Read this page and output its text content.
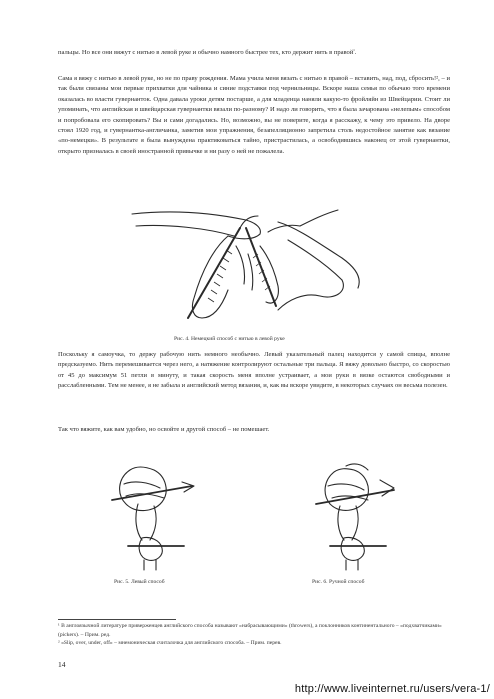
пальцы. Но все они вяжут с нитью в левой руке и обычно намного быстрее тех, кто держит нить в правой$^{^1}$.

Сама я вяжу с нитью в левой руке, но не по праву рождения. Мама учила меня вязать с нитью в правой – вставить, над, под, сбросить!², – и так были связаны мои первые прихватки для чайника и синие подставки под чернильницы. Вскоре наша семья по обычаю того времени оказалась во власти гувернанток. Одна давала уроки детям постарше, а для младенца наняли какую-то фройляйн из Швейцарии. Стоит ли упоминать, что английская и швейцарская гувернантки вязали по-разному? И надо ли говорить, что я была зачарована «нелепым» способом и попробовала его скопировать? Вы и сами догадались. Но, возможно, вы не поверите, когда я расскажу, к чему это привело. На дворе стоял 1920 год, и гувернантка-англичанка, заметив мои упражнения, безапелляционно запретила столь недостойное занятие как вязание «по-немецки». В результате я была вынуждена практиковаться тайно, пристрастилась, а освободившись наконец от этой гувернантки, открыто призналась в своей иностранной привычке и ни разу о ней не пожалела.

Рис. 4. Немецкий способ с нитью в левой руке

Поскольку я самоучка, то держу рабочую нить немного необычно. Левый указательный палец находится у самой спицы, вполне предсказуемо. Нить перемешивается через него, а натяжение контролируют остальные три пальца. Я вяжу довольно быстро, со скоростью от 45 до максимум 51 петли в минуту, и такая скорость меня вполне устраивает, а мои руки в вязке остаются свободными и расслабленными. Тем не менее, я не забыла и английский метод вязания, и, как вы вскоре увидите, в некоторых случаях он весьма полезен.

Так что вяжите, как вам удобно, но освойте и другой способ – не помешает.

Рис. 5. Левый способ	Рис. 6. Ручной способ

¹ В англоязычной литературе приверженцев английского способа называют «набрасывающими» (throwers), а поклонников континентального – «подхватчиками» (pickers). – Прим. ред.

² «Slip, over, under, off» – мнемоническая считалочка для английского способа. – Прим. перев.

14
http://www.liveinternet.ru/users/vera-1/
